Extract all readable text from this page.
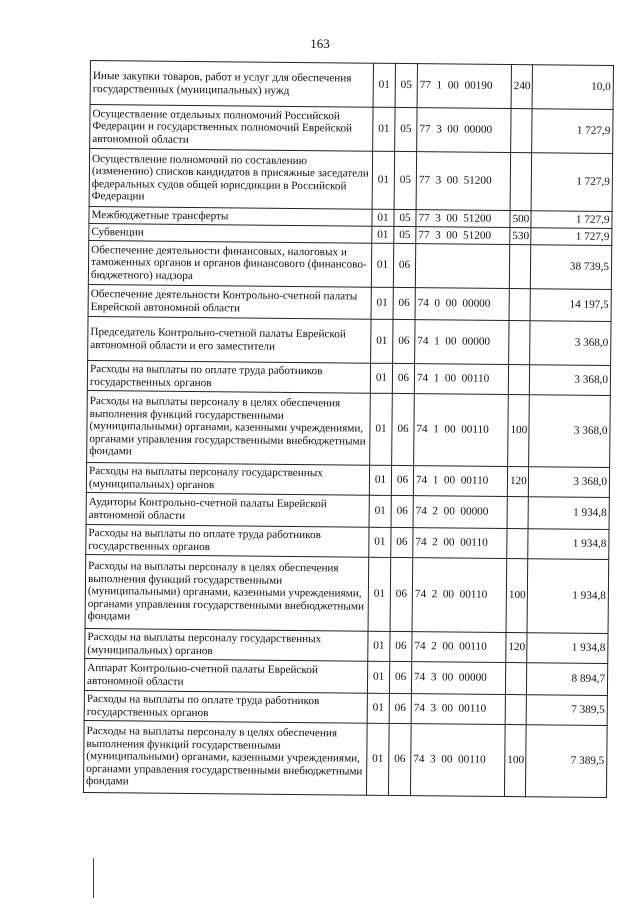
163
Иные закупки товаров, работ и услуг для обеспечения государственных (муниципальных) нужд	01	05	77  1  00  00190	240	10,0
Осуществление отдельных полномочий Российской Федерации и государственных полномочий Еврейской автономной области	01	05	77  3  00  00000		1 727,9
Осуществление полномочий по составлению (изменению) списков кандидатов в присяжные заседатели федеральных судов общей юрисдикции в Российской Федерации	01	05	77  3  00  51200		1 727,9
Межбюджетные трансферты	01	05	77  3  00  51200	500	1 727,9
Субвенции	01	05	77  3  00  51200	530	1 727,9
Обеспечение деятельности финансовых, налоговых и таможенных органов и органов финансового (финансово-бюджетного) надзора	01	06			38 739,5
Обеспечение деятельности Контрольно-счетной палаты Еврейской автономной области	01	06	74  0  00  00000		14 197,5
Председатель Контрольно-счетной палаты Еврейской автономной области и его заместители	01	06	74  1  00  00000		3 368,0
Расходы на выплаты по оплате труда работников государственных органов	01	06	74  1  00  00110		3 368,0
Расходы на выплаты персоналу в целях обеспечения выполнения функций государственными (муниципальными) органами, казенными учреждениями, органами управления государственными внебюджетными фондами	01	06	74  1  00  00110	100	3 368,0
Расходы на выплаты персоналу государственных (муниципальных) органов	01	06	74  1  00  00110	120	3 368,0
Аудиторы Контрольно-счетной палаты Еврейской автономной области	01	06	74  2  00  00000		1 934,8
Расходы на выплаты по оплате труда работников государственных органов	01	06	74  2  00  00110		1 934,8
Расходы на выплаты персоналу в целях обеспечения выполнения функций государственными (муниципальными) органами, казенными учреждениями, органами управления государственными внебюджетными фондами	01	06	74  2  00  00110	100	1 934,8
Расходы на выплаты персоналу государственных (муниципальных) органов	01	06	74  2  00  00110	120	1 934,8
Аппарат Контрольно-счетной палаты Еврейской автономной области	01	06	74  3  00  00000		8 894,7
Расходы на выплаты по оплате труда работников государственных органов	01	06	74  3  00  00110		7 389,5
Расходы на выплаты персоналу в целях обеспечения выполнения функций государственными (муниципальными) органами, казенными учреждениями, органами управления государственными внебюджетными фондами	01	06	74  3  00  00110	100	7 389,5
